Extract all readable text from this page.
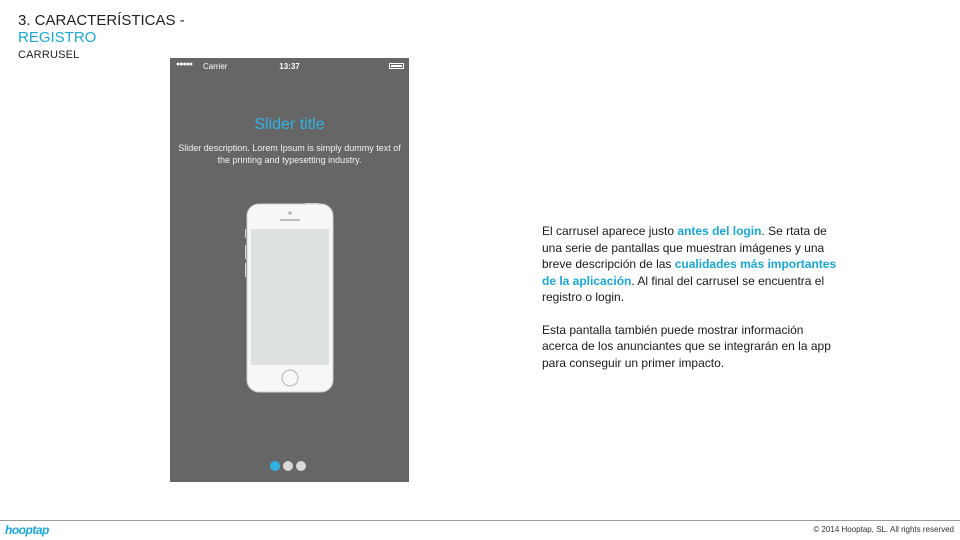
3. CARACTERÍSTICAS -
REGISTRO
CARRUSEL
●●●●● Carrier	13:37
Slider title
Slider description. Lorem Ipsum is simply dummy text of the printing and typesetting industry.

El carrusel aparece justo antes del login. Se rtata de una serie de pantallas que muestran imágenes y una breve descripción de las cualidades más importantes de la aplicación. Al final del carrusel se encuentra el registro o login.

Esta pantalla también puede mostrar información acerca de los anunciantes que se integrarán en la app para conseguir un primer impacto.

hooptap	© 2014 Hooptap, SL. All rights reserved
